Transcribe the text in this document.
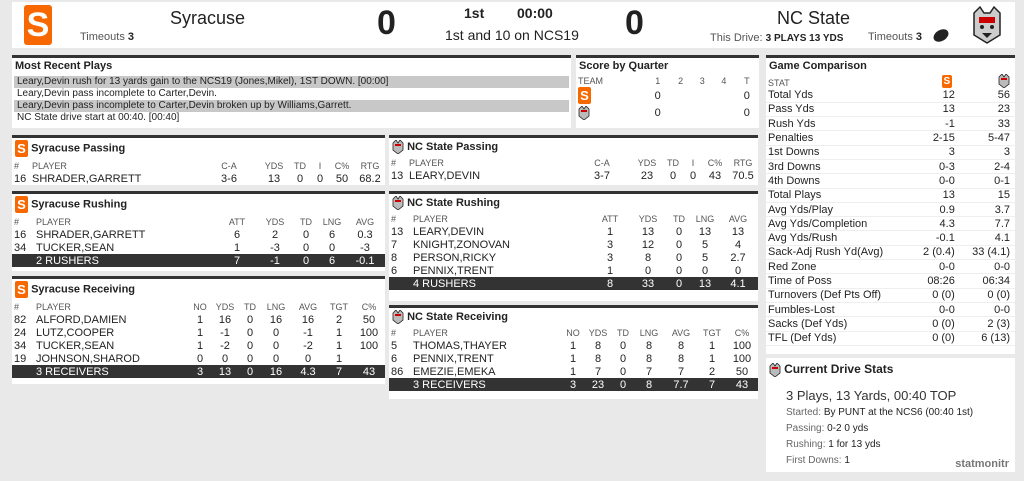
S	Syracuse
Timeouts 3	0	1st 00:00
1st and 10 on NCS19 0	NC State
This Drive: 3 PLAYS 13 YDS Timeouts 3
Most Recent Plays
Leary,Devin rush for 13 yards gain to the NCS19 (Jones,Mikel), 1ST DOWN. [00:00]
Leary,Devin pass incomplete to Carter,Devin.
Leary,Devin pass incomplete to Carter,Devin broken up by Williams,Garrett.
NC State drive start at 00:40. [00:40]
Score by Quarter
TEAM	1	2	3	4	T
S	0				0
	0				0
S Syracuse Passing
#	PLAYER	C-A	YDS	TD	I	C%	RTG
16	SHRADER,GARRETT	3-6	13	0	0	50	68.2
NC State Passing
#	PLAYER	C-A	YDS	TD	I	C%	RTG
13	LEARY,DEVIN	3-7	23	0	0	43	70.5
S Syracuse Rushing
#	PLAYER	ATT	YDS	TD	LNG	AVG
16	SHRADER,GARRETT	6	2	0	6	0.3
34	TUCKER,SEAN	1	-3	0	0	-3
	2 RUSHERS	7	-1	0	6	-0.1
NC State Rushing
#	PLAYER	ATT	YDS	TD	LNG	AVG
13	LEARY,DEVIN	1	13	0	13	13
7	KNIGHT,ZONOVAN	3	12	0	5	4
8	PERSON,RICKY	3	8	0	5	2.7
6	PENNIX,TRENT	1	0	0	0	0
	4 RUSHERS	8	33	0	13	4.1
S Syracuse Receiving
#	PLAYER	NO	YDS	TD	LNG	AVG	TGT	C%
82	ALFORD,DAMIEN	1	16	0	16	16	2	50
24	LUTZ,COOPER	1	-1	0	0	-1	1	100
34	TUCKER,SEAN	1	-2	0	0	-2	1	100
19	JOHNSON,SHAROD	0	0	0	0	0	1	
	3 RECEIVERS	3	13	0	16	4.3	7	43
NC State Receiving
#	PLAYER	NO	YDS	TD	LNG	AVG	TGT	C%
5	THOMAS,THAYER	1	8	0	8	8	1	100
6	PENNIX,TRENT	1	8	0	8	8	1	100
86	EMEZIE,EMEKA	1	7	0	7	7	2	50
	3 RECEIVERS	3	23	0	8	7.7	7	43
Game Comparison
STAT	S	
Total Yds	12	56
Pass Yds	13	23
Rush Yds	-1	33
Penalties	2-15	5-47
1st Downs	3	3
3rd Downs	0-3	2-4
4th Downs	0-0	0-1
Total Plays	13	15
Avg Yds/Play	0.9	3.7
Avg Yds/Completion	4.3	7.7
Avg Yds/Rush	-0.1	4.1
Sack-Adj Rush Yd(Avg)	2 (0.4)	33 (4.1)
Red Zone	0-0	0-0
Time of Poss	08:26	06:34
Turnovers (Def Pts Off)	0 (0)	0 (0)
Fumbles-Lost	0-0	0-0
Sacks (Def Yds)	0 (0)	2 (3)
TFL (Def Yds)	0 (0)	6 (13)
Current Drive Stats
3 Plays, 13 Yards, 00:40 TOP
Started: By PUNT at the NCS6 (00:40 1st)
Passing: 0-2 0 yds
Rushing: 1 for 13 yds
First Downs: 1	statmonitr
